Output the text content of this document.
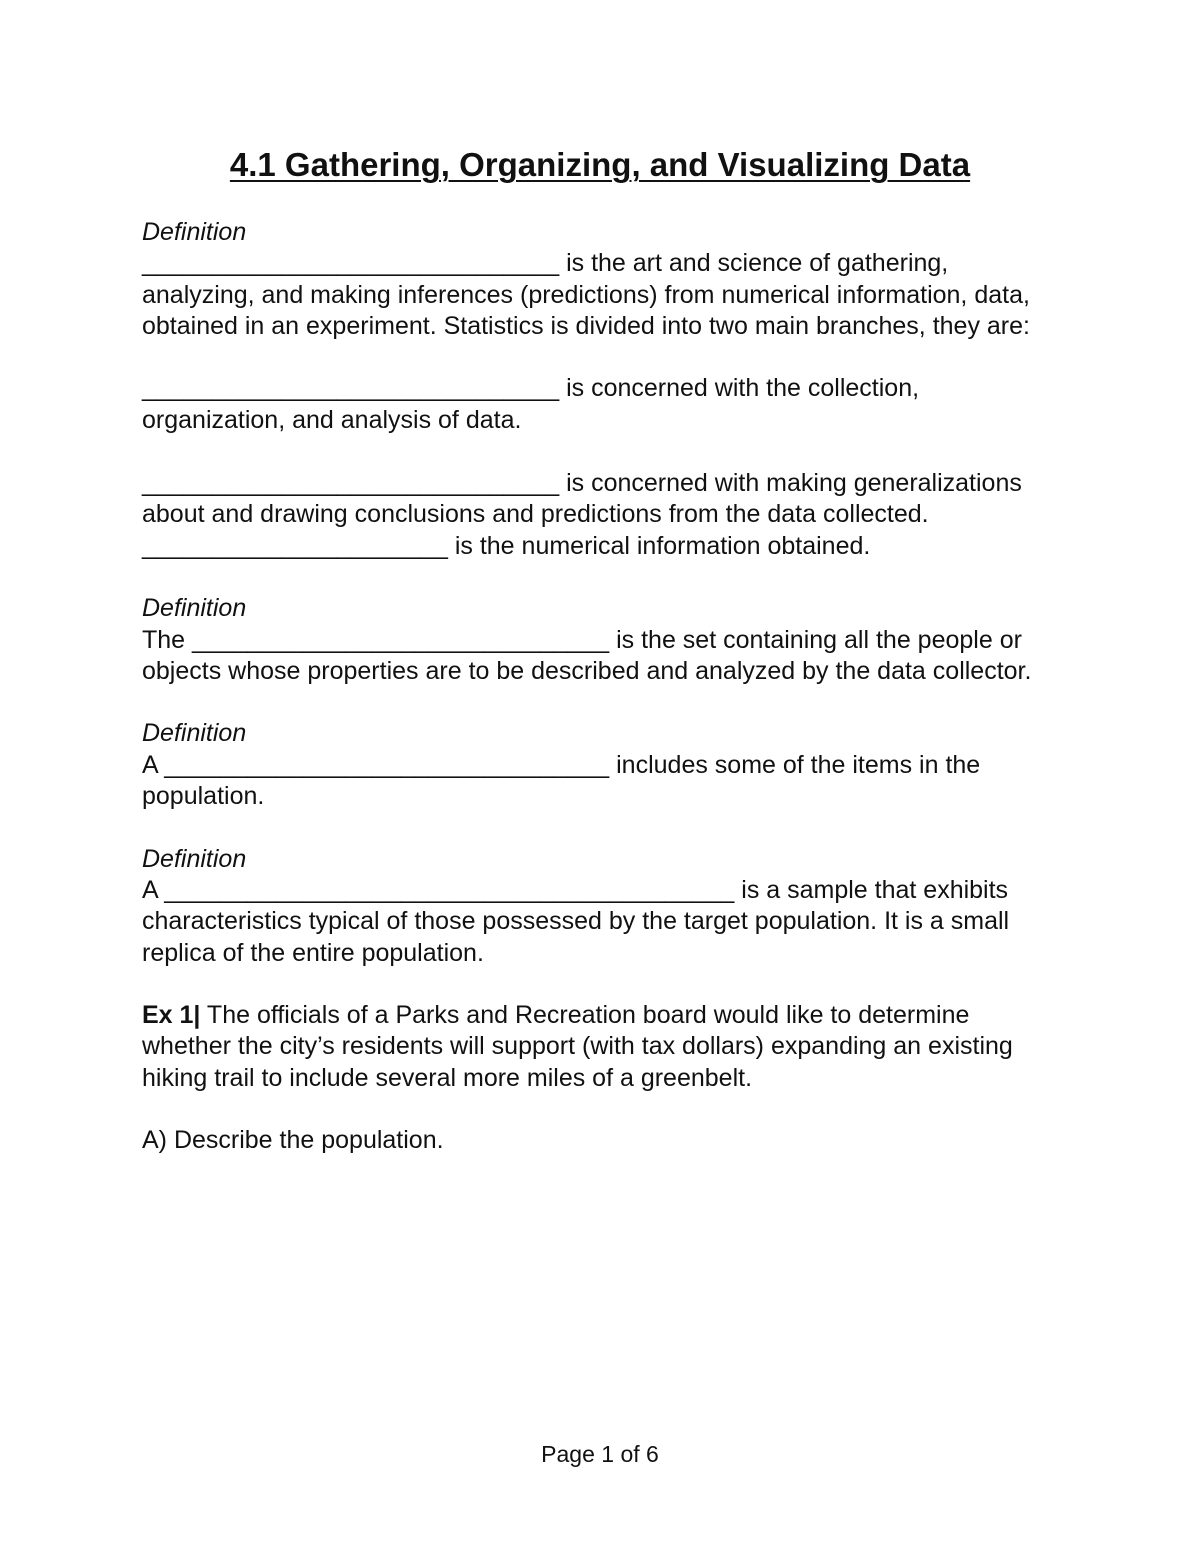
4.1 Gathering, Organizing, and Visualizing Data

Definition

______________________________ is the art and science of gathering,
analyzing, and making inferences (predictions) from numerical information, data, obtained in an experiment. Statistics is divided into two main branches, they are:

______________________________ is concerned with the collection, organization, and analysis of data.

______________________________ is concerned with making generalizations about and drawing conclusions and predictions from the data collected. ______________________ is the numerical information obtained.

Definition

The ______________________________ is the set containing all the people or objects whose properties are to be described and analyzed by the data collector.

Definition

A ________________________________ includes some of the items in the population.

Definition

A _________________________________________ is a sample that exhibits characteristics typical of those possessed by the target population. It is a small replica of the entire population.

Ex 1| The officials of a Parks and Recreation board would like to determine whether the city’s residents will support (with tax dollars) expanding an existing hiking trail to include several more miles of a greenbelt.

A) Describe the population.

Page 1 of 6
